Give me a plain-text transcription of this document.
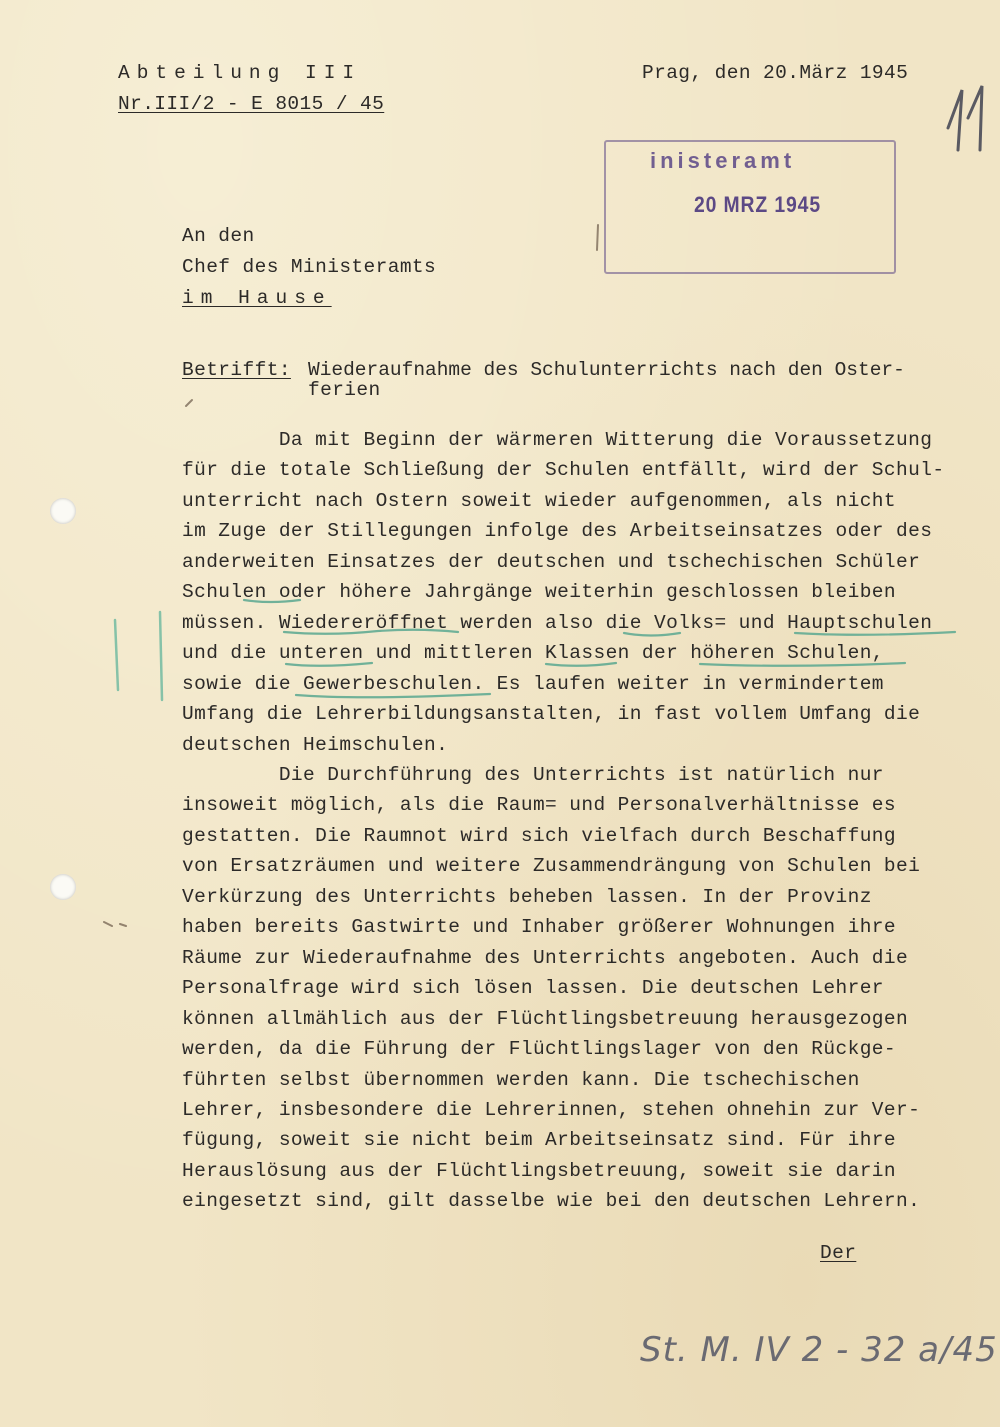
Abteilung III
Nr.III/2 - E 8015 / 45
Prag, den 20.März 1945
inisteramt
20 MRZ 1945
An den
Chef des Ministeramts
im Hause
Betrifft: Wiederaufnahme des Schulunterrichts nach den Oster-
ferien
Da mit Beginn der wärmeren Witterung die Voraussetzung
für die totale Schließung der Schulen entfällt, wird der Schul-
unterricht nach Ostern soweit wieder aufgenommen, als nicht
im Zuge der Stillegungen infolge des Arbeitseinsatzes oder des
anderweiten Einsatzes der deutschen und tschechischen Schüler
Schulen oder höhere Jahrgänge weiterhin geschlossen bleiben
müssen. Wiedereröffnet werden also die Volks= und Hauptschulen
und die unteren und mittleren Klassen der höheren Schulen,
sowie die Gewerbeschulen. Es laufen weiter in vermindertem
Umfang die Lehrerbildungsanstalten, in fast vollem Umfang die
deutschen Heimschulen.
Die Durchführung des Unterrichts ist natürlich nur
insoweit möglich, als die Raum= und Personalverhältnisse es
gestatten. Die Raumnot wird sich vielfach durch Beschaffung
von Ersatzräumen und weitere Zusammendrängung von Schulen bei
Verkürzung des Unterrichts beheben lassen. In der Provinz
haben bereits Gastwirte und Inhaber größerer Wohnungen ihre
Räume zur Wiederaufnahme des Unterrichts angeboten. Auch die
Personalfrage wird sich lösen lassen. Die deutschen Lehrer
können allmählich aus der Flüchtlingsbetreuung herausgezogen
werden, da die Führung der Flüchtlingslager von den Rückge-
führten selbst übernommen werden kann. Die tschechischen
Lehrer, insbesondere die Lehrerinnen, stehen ohnehin zur Ver-
fügung, soweit sie nicht beim Arbeitseinsatz sind. Für ihre
Herauslösung aus der Flüchtlingsbetreuung, soweit sie darin
eingesetzt sind, gilt dasselbe wie bei den deutschen Lehrern.
Der
St. M. IV 2 - 32 a/45
